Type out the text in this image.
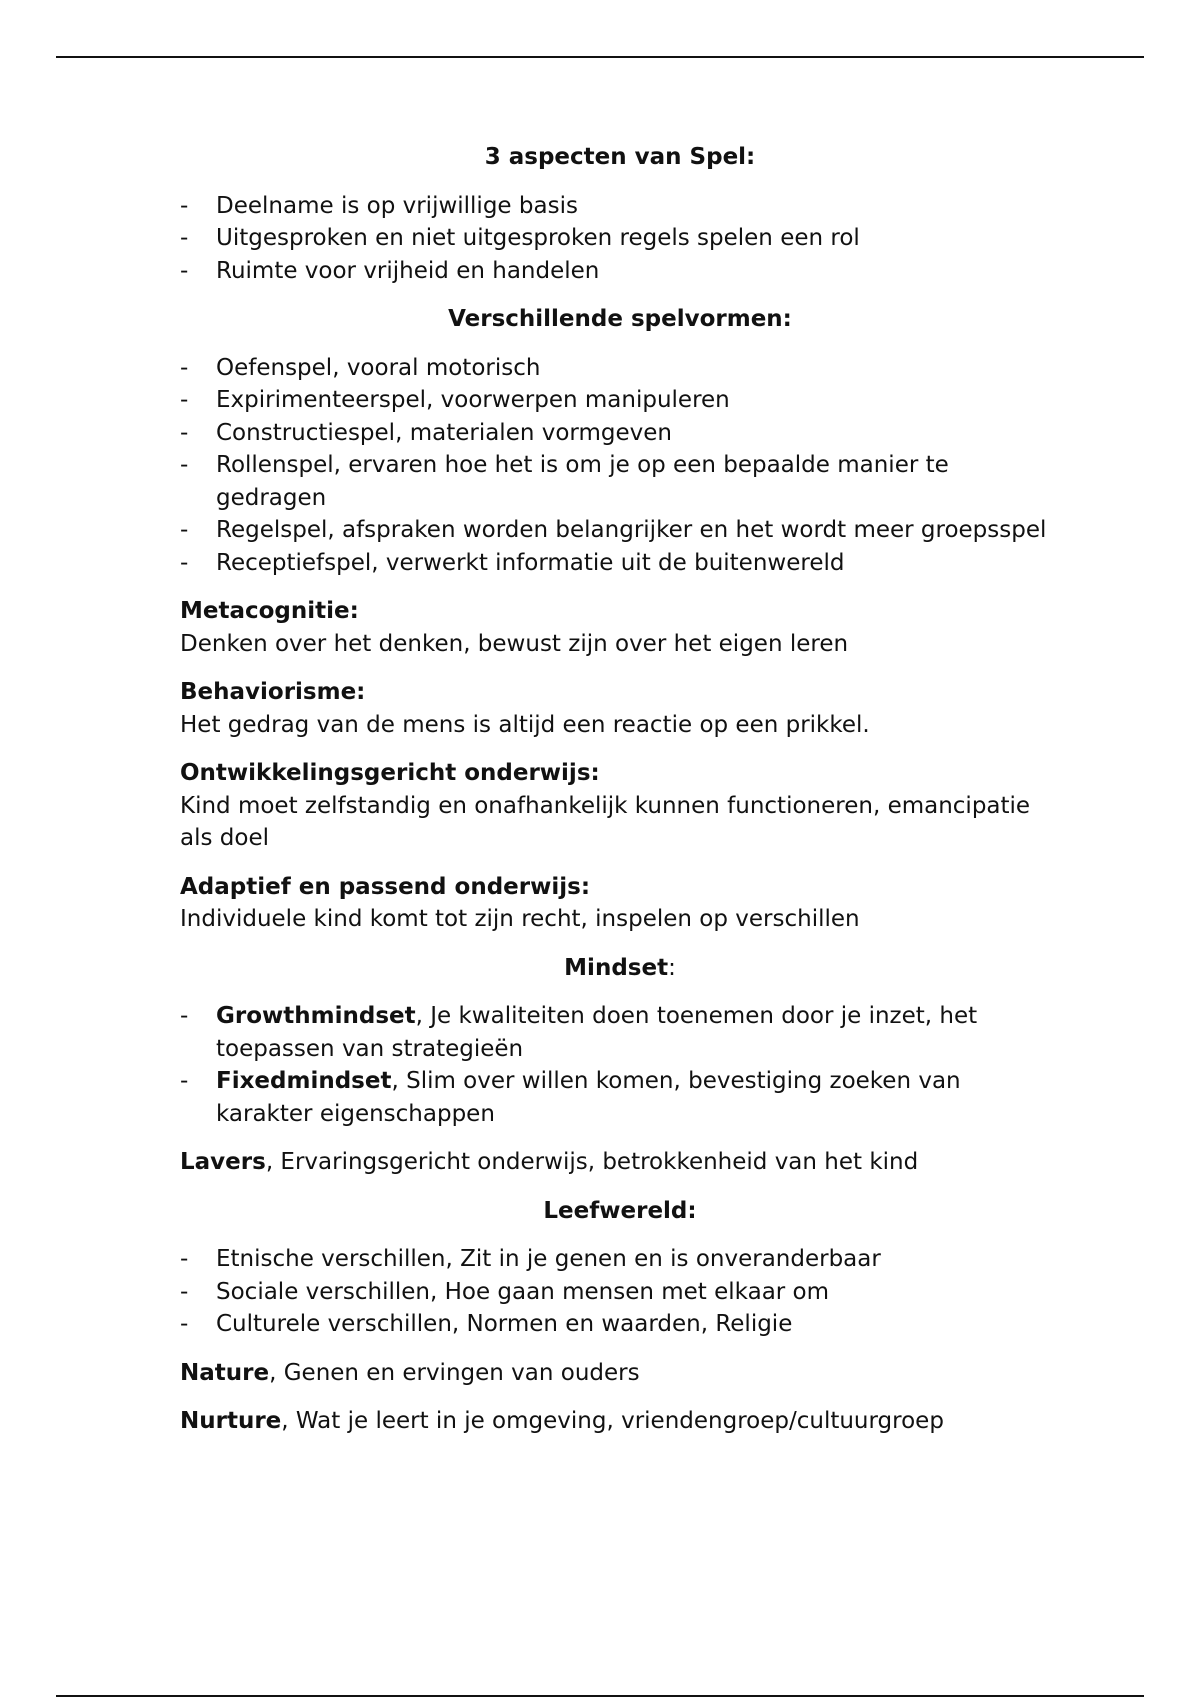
3 aspecten van Spel:
- Deelname is op vrijwillige basis
- Uitgesproken en niet uitgesproken regels spelen een rol
- Ruimte voor vrijheid en handelen
Verschillende spelvormen:
- Oefenspel, vooral motorisch
- Expirimenteerspel, voorwerpen manipuleren
- Constructiespel, materialen vormgeven
- Rollenspel, ervaren hoe het is om je op een bepaalde manier te gedragen
- Regelspel, afspraken worden belangrijker en het wordt meer groepsspel
- Receptiefspel, verwerkt informatie uit de buitenwereld
Metacognitie:
Denken over het denken, bewust zijn over het eigen leren
Behaviorisme:
Het gedrag van de mens is altijd een reactie op een prikkel.
Ontwikkelingsgericht onderwijs:
Kind moet zelfstandig en onafhankelijk kunnen functioneren, emancipatie als doel
Adaptief en passend onderwijs:
Individuele kind komt tot zijn recht, inspelen op verschillen
Mindset:
- Growthmindset, Je kwaliteiten doen toenemen door je inzet, het toepassen van strategieën
- Fixedmindset, Slim over willen komen, bevestiging zoeken van karakter eigenschappen
Lavers, Ervaringsgericht onderwijs, betrokkenheid van het kind
Leefwereld:
- Etnische verschillen, Zit in je genen en is onveranderbaar
- Sociale verschillen, Hoe gaan mensen met elkaar om
- Culturele verschillen, Normen en waarden, Religie
Nature, Genen en ervingen van ouders
Nurture, Wat je leert in je omgeving, vriendengroep/cultuurgroep
